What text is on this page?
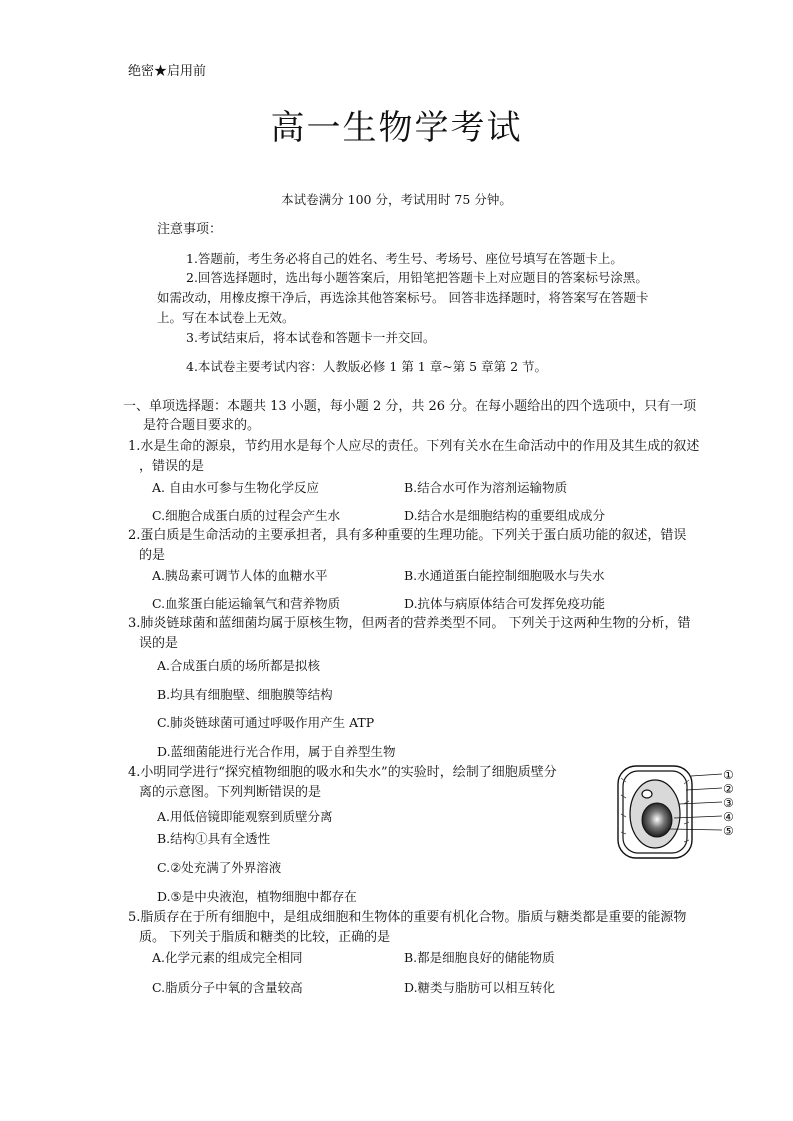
绝密★启用前
高一生物学考试
本试卷满分 100 分，考试用时 75 分钟。
注意事项：
1.答题前，考生务必将自己的姓名、考生号、考场号、座位号填写在答题卡上。
2.回答选择题时，选出每小题答案后，用铅笔把答题卡上对应题目的答案标号涂黑。
如需改动，用橡皮擦干净后，再选涂其他答案标号。 回答非选择题时，将答案写在答题卡
上。写在本试卷上无效。
3.考试结束后，将本试卷和答题卡一并交回。
4.本试卷主要考试内容：人教版必修 1 第 1 章~第 5 章第 2 节。
一、单项选择题：本题共 13 小题，每小题 2 分，共 26 分。在每小题给出的四个选项中，只有一项
是符合题目要求的。
1.水是生命的源泉，节约用水是每个人应尽的责任。下列有关水在生命活动中的作用及其生成的叙述
，错误的是
A. 自由水可参与生物化学反应	B.结合水可作为溶剂运输物质
C.细胞合成蛋白质的过程会产生水	D.结合水是细胞结构的重要组成成分
2.蛋白质是生命活动的主要承担者，具有多种重要的生理功能。下列关于蛋白质功能的叙述，错误
的是
A.胰岛素可调节人体的血糖水平	B.水通道蛋白能控制细胞吸水与失水
C.血浆蛋白能运输氧气和营养物质	D.抗体与病原体结合可发挥免疫功能
3.肺炎链球菌和蓝细菌均属于原核生物，但两者的营养类型不同。 下列关于这两种生物的分析，错
误的是
A.合成蛋白质的场所都是拟核
B.均具有细胞壁、细胞膜等结构
C.肺炎链球菌可通过呼吸作用产生 ATP
D.蓝细菌能进行光合作用，属于自养型生物
4.小明同学进行“探究植物细胞的吸水和失水”的实验时，绘制了细胞质壁分
离的示意图。下列判断错误的是
A.用低倍镜即能观察到质壁分离
B.结构①具有全透性
C.②处充满了外界溶液
D.⑤是中央液泡，植物细胞中都存在
①
②
③
④
⑤
5.脂质存在于所有细胞中，是组成细胞和生物体的重要有机化合物。脂质与糖类都是重要的能源物
质。 下列关于脂质和糖类的比较，正确的是
A.化学元素的组成完全相同	B.都是细胞良好的储能物质
C.脂质分子中氧的含量较高	D.糖类与脂肪可以相互转化
